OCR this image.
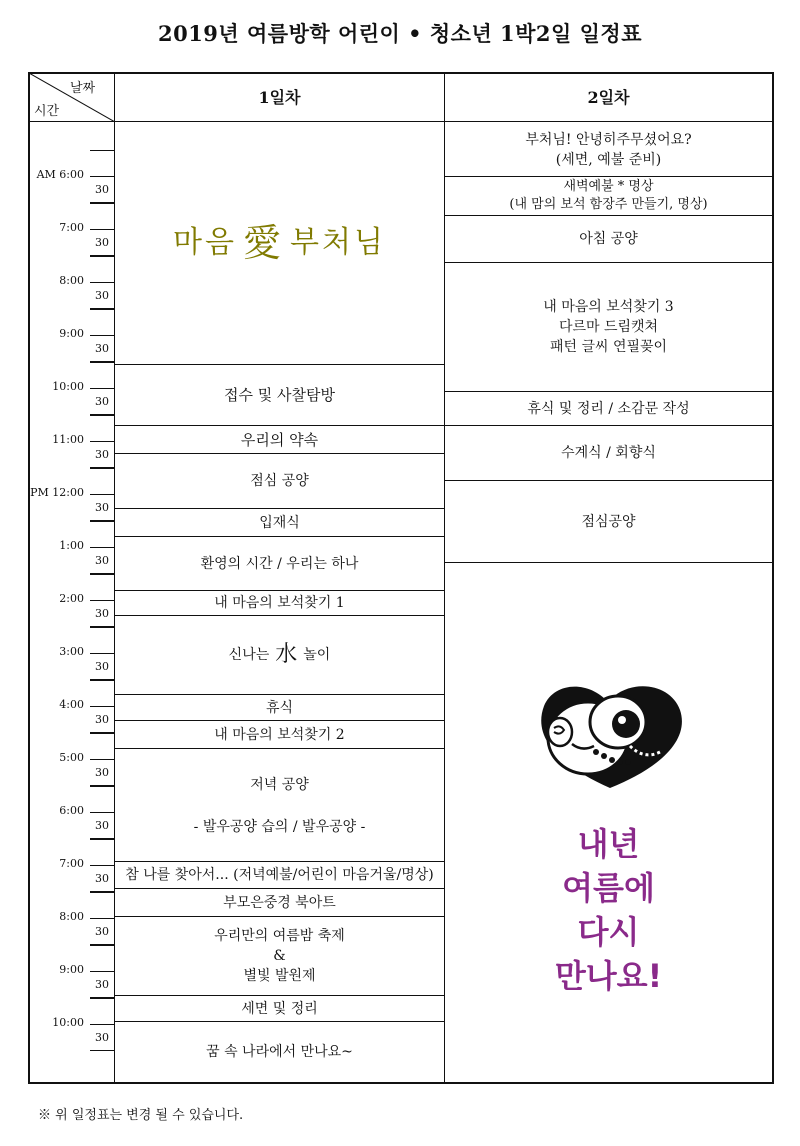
2019년 여름방학 어린이 • 청소년 1박2일 일정표
날짜
시간
1일차	2일차
AM 6:00
30
7:00
30
8:00
30
9:00
30
10:00
30
11:00
30
PM 12:00
30
1:00
30
2:00
30
3:00
30
4:00
30
5:00
30
6:00
30
7:00
30
8:00
30
9:00
30
10:00
30
마음 愛 부처님
접수 및 사찰탐방
우리의 약속
점심 공양
입재식
환영의 시간 / 우리는 하나
내 마음의 보석찾기 1
신나는 水 놀이
휴식
내 마음의 보석찾기 2
저녁 공양
- 발우공양 습의 / 발우공양 -
참 나를 찾아서... (저녁예불/어린이 마음거울/명상)
부모은중경 북아트
우리만의 여름밤 축제
&
별빛 발원제
세면 및 정리
꿈 속 나라에서 만나요~
부처님! 안녕히주무셨어요?
(세면, 예불 준비)
새벽예불 * 명상
(내 맘의 보석 함장주 만들기, 명상)
아침 공양
내 마음의 보석찾기 3
다르마 드림캣쳐
패턴 글씨 연필꽂이
휴식 및 정리 / 소감문 작성
수계식 / 회향식
점심공양
내년
여름에
다시
만나요!
※ 위 일정표는 변경 될 수 있습니다.
